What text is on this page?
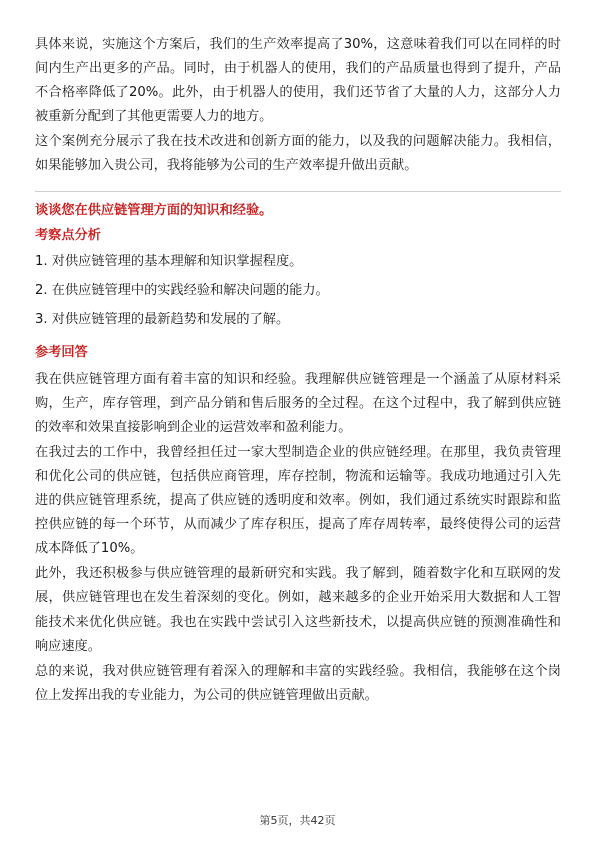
具体来说，实施这个方案后，我们的生产效率提高了30%，这意味着我们可以在同样的时间内生产出更多的产品。同时，由于机器人的使用，我们的产品质量也得到了提升，产品不合格率降低了20%。此外，由于机器人的使用，我们还节省了大量的人力，这部分人力被重新分配到了其他更需要人力的地方。

这个案例充分展示了我在技术改进和创新方面的能力，以及我的问题解决能力。我相信，如果能够加入贵公司，我将能够为公司的生产效率提升做出贡献。

谈谈您在供应链管理方面的知识和经验。

考察点分析

1. 对供应链管理的基本理解和知识掌握程度。

2. 在供应链管理中的实践经验和解决问题的能力。

3. 对供应链管理的最新趋势和发展的了解。

参考回答

我在供应链管理方面有着丰富的知识和经验。我理解供应链管理是一个涵盖了从原材料采购，生产，库存管理，到产品分销和售后服务的全过程。在这个过程中，我了解到供应链的效率和效果直接影响到企业的运营效率和盈利能力。

在我过去的工作中，我曾经担任过一家大型制造企业的供应链经理。在那里，我负责管理和优化公司的供应链，包括供应商管理，库存控制，物流和运输等。我成功地通过引入先进的供应链管理系统，提高了供应链的透明度和效率。例如，我们通过系统实时跟踪和监控供应链的每一个环节，从而减少了库存积压，提高了库存周转率，最终使得公司的运营成本降低了10%。

此外，我还积极参与供应链管理的最新研究和实践。我了解到，随着数字化和互联网的发展，供应链管理也在发生着深刻的变化。例如，越来越多的企业开始采用大数据和人工智能技术来优化供应链。我也在实践中尝试引入这些新技术，以提高供应链的预测准确性和响应速度。

总的来说，我对供应链管理有着深入的理解和丰富的实践经验。我相信，我能够在这个岗位上发挥出我的专业能力，为公司的供应链管理做出贡献。

第5页，共42页
